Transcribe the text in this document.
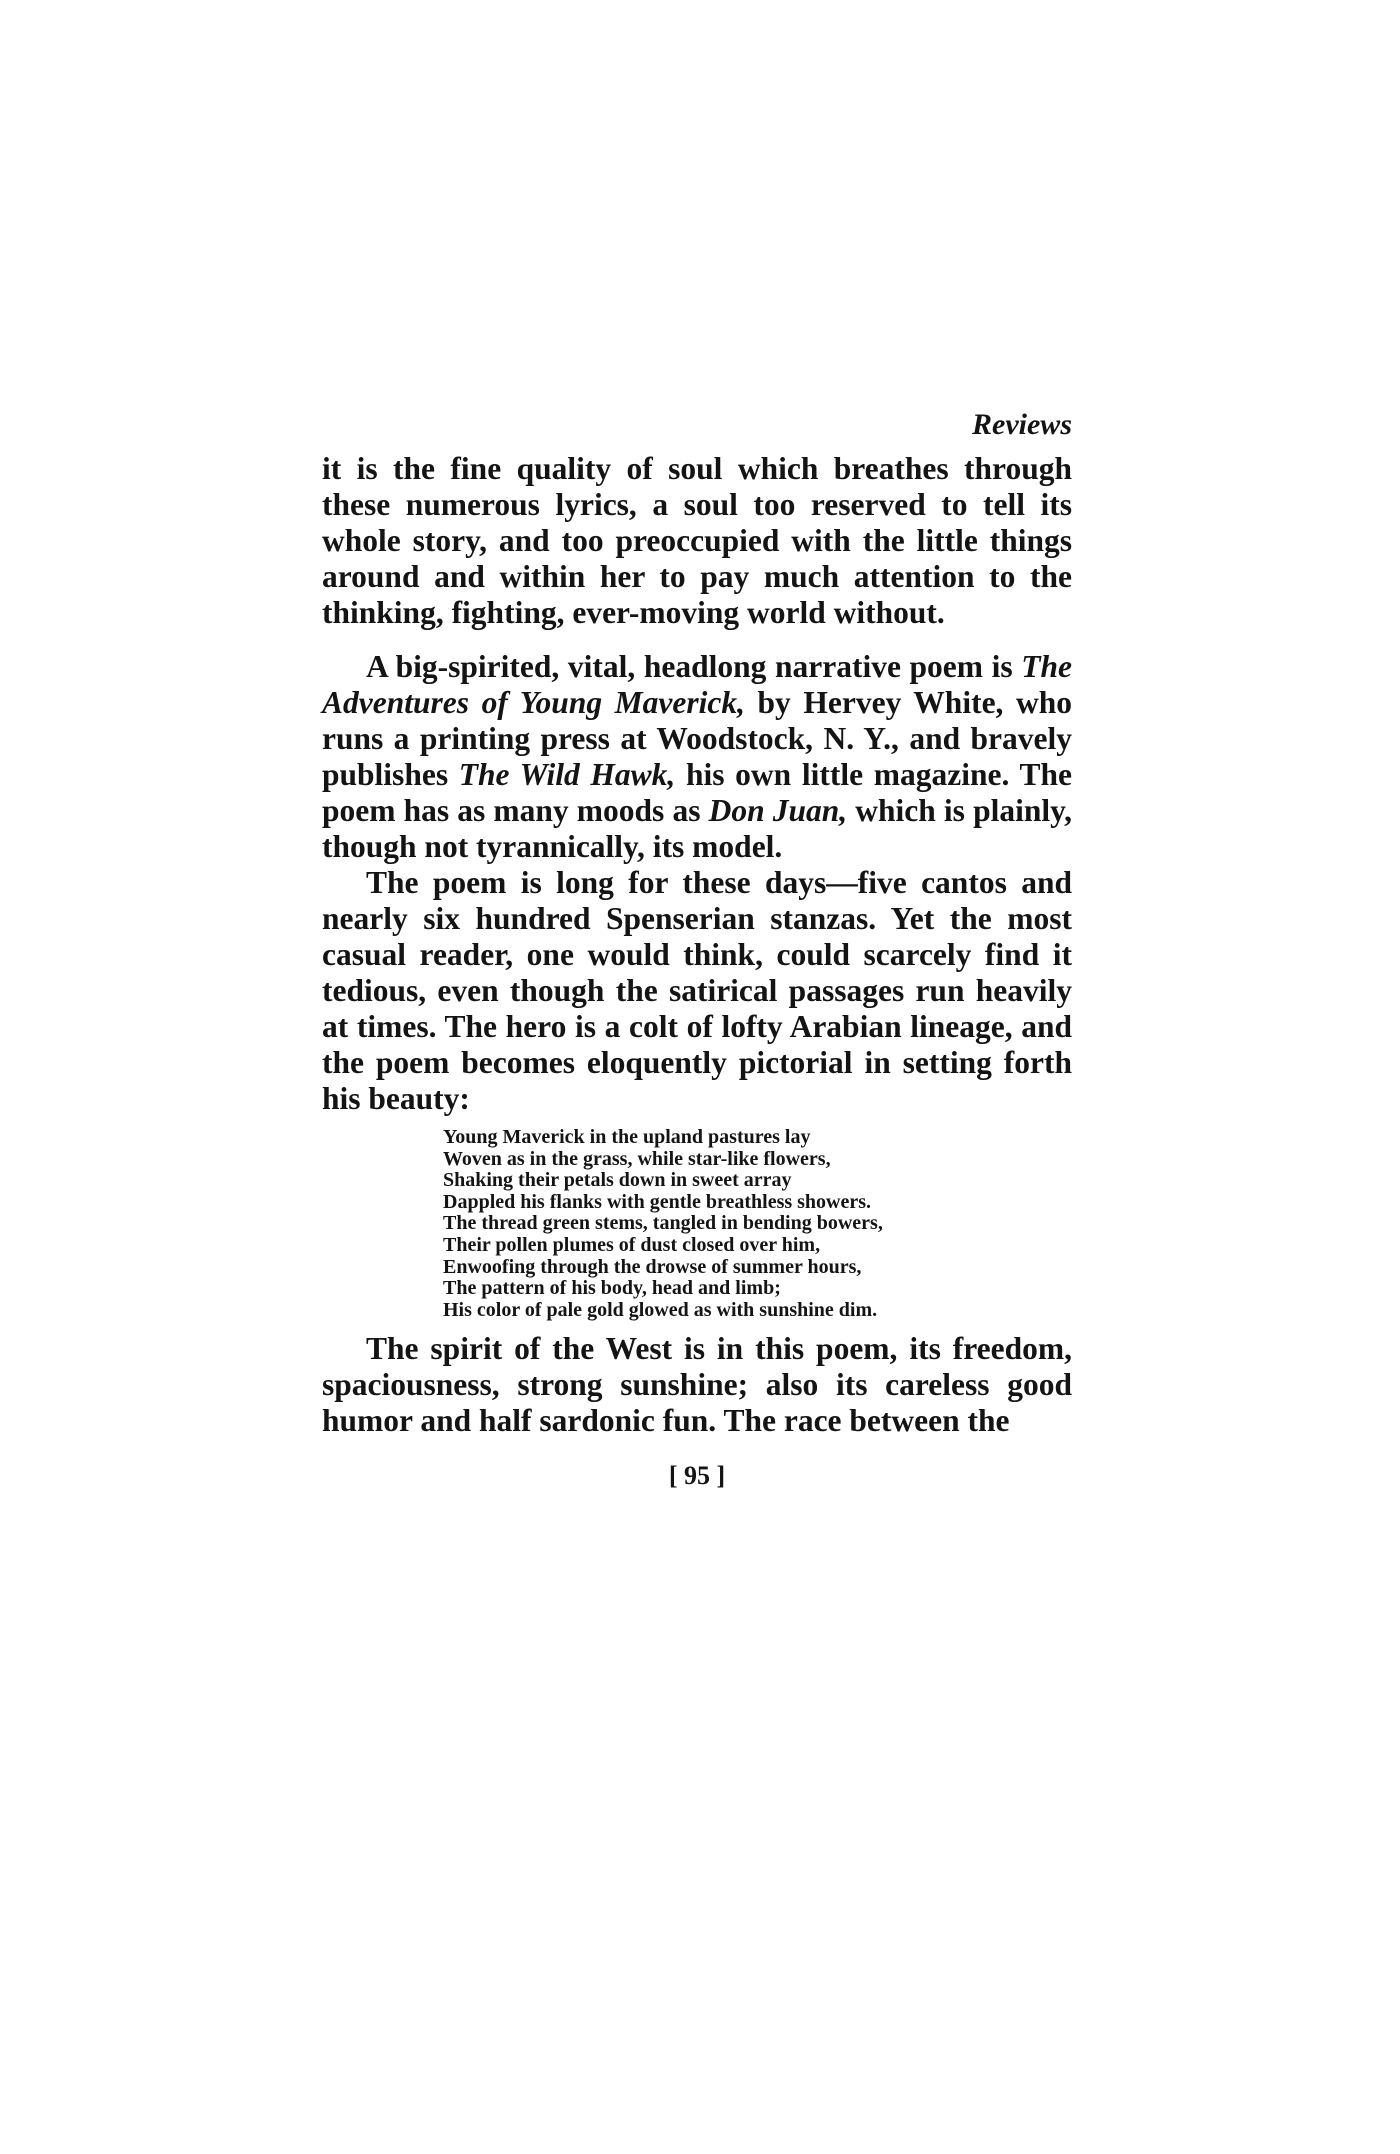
Reviews

it is the fine quality of soul which breathes through these numerous lyrics, a soul too reserved to tell its whole story, and too preoccupied with the little things around and within her to pay much attention to the thinking, fighting, ever-moving world without.

A big-spirited, vital, headlong narrative poem is The Adventures of Young Maverick, by Hervey White, who runs a printing press at Woodstock, N. Y., and bravely publishes The Wild Hawk, his own little magazine. The poem has as many moods as Don Juan, which is plainly, though not tyrannically, its model.

The poem is long for these days—five cantos and nearly six hundred Spenserian stanzas. Yet the most casual reader, one would think, could scarcely find it tedious, even though the satirical passages run heavily at times. The hero is a colt of lofty Arabian lineage, and the poem becomes eloquently pictorial in setting forth his beauty:

Young Maverick in the upland pastures lay
Woven as in the grass, while star-like flowers,
Shaking their petals down in sweet array
Dappled his flanks with gentle breathless showers.
The thread green stems, tangled in bending bowers,
Their pollen plumes of dust closed over him,
Enwoofing through the drowse of summer hours,
The pattern of his body, head and limb;
His color of pale gold glowed as with sunshine dim.

The spirit of the West is in this poem, its freedom, spaciousness, strong sunshine; also its careless good humor and half sardonic fun. The race between the

[ 95 ]
